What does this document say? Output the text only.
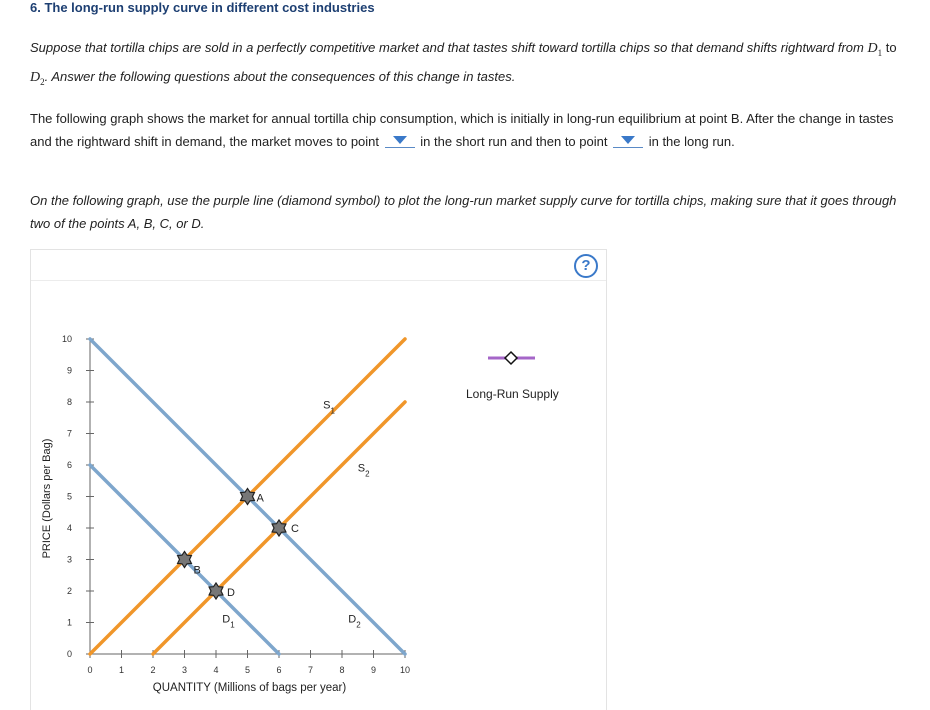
6. The long-run supply curve in different cost industries
Suppose that tortilla chips are sold in a perfectly competitive market and that tastes shift toward tortilla chips so that demand shifts rightward from $D_1$ to $D_2$. Answer the following questions about the consequences of this change in tastes.
The following graph shows the market for annual tortilla chip consumption, which is initially in long-run equilibrium at point B. After the change in tastes and the rightward shift in demand, the market moves to point	in the short run and then to point	in the long run.
On the following graph, use the purple line (diamond symbol) to plot the long-run market supply curve for tortilla chips, making sure that it goes through two of the points A, B, C, or D.
?
0	1	2	3	4	5	6	7	8	9	10
0
1
2
3
4
5
6
7
8
9
10
QUANTITY (Millions of bags per year)
PRICE (Dollars per Bag)
$D_1$	$D_2$
$S_1$
$S_2$
A
B
C
D
Long-Run Supply
